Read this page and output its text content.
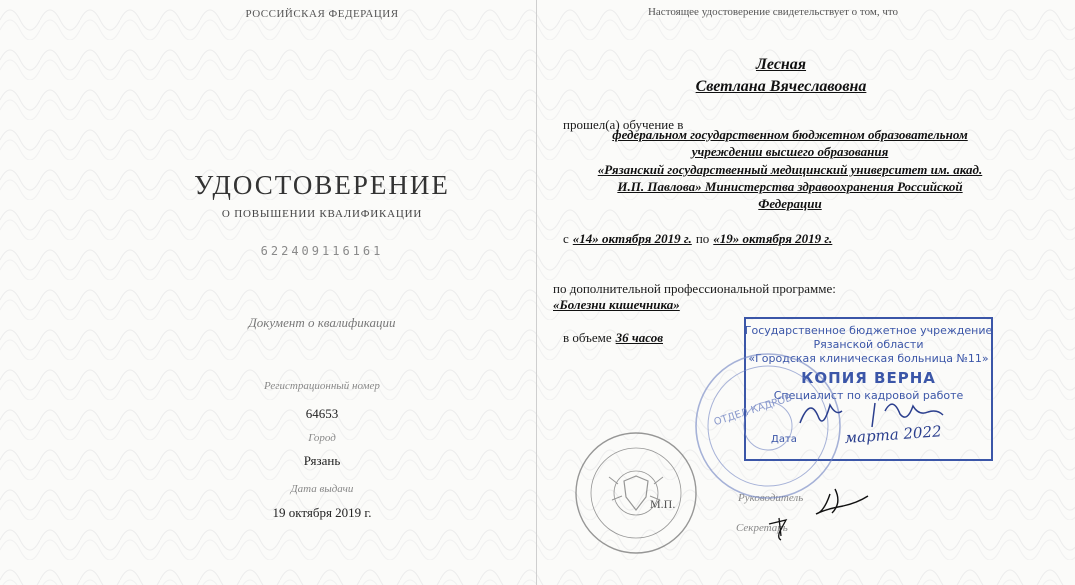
РОССИЙСКАЯ ФЕДЕРАЦИЯ
УДОСТОВЕРЕНИЕ
О ПОВЫШЕНИИ КВАЛИФИКАЦИИ
622409116161
Документ о квалификации
Регистрационный номер
64653
Город
Рязань
Дата выдачи
19 октября 2019 г.
Настоящее удостоверение свидетельствует о том, что
Лесная
Светлана Вячеславовна
прошел(а) обучение в
федеральном государственном бюджетном образовательном
учреждении высшего образования
«Рязанский государственный медицинский университет им. акад.
И.П. Павлова» Министерства здравоохранения Российской
Федерации
с «14» октября 2019 г. по «19» октября 2019 г.
по дополнительной профессиональной программе:
«Болезни кишечника»
в объеме 36 часов
М.П.	Руководитель
Секретарь
Государственное бюджетное учреждение
Рязанской области
«Городская клиническая больница №11»
КОПИЯ ВЕРНА
Специалист по кадровой работе
Дата
ОТДЕЛ КАДРОВ
марта 2022
